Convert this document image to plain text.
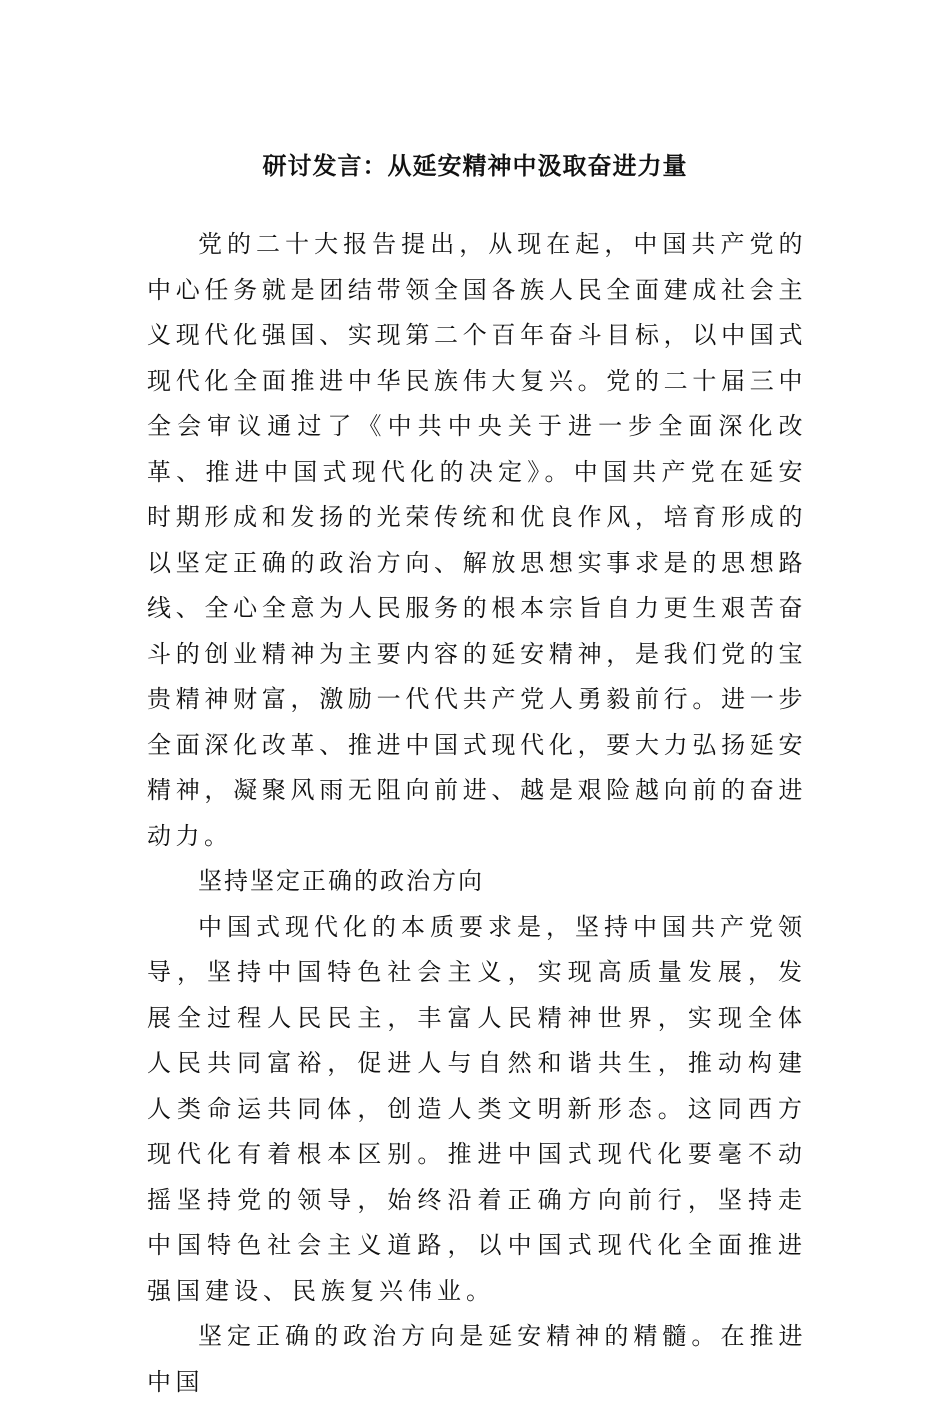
研讨发言：从延安精神中汲取奋进力量

党的二十大报告提出，从现在起，中国共产党的中心任务就是团结带领全国各族人民全面建成社会主义现代化强国、实现第二个百年奋斗目标，以中国式现代化全面推进中华民族伟大复兴。党的二十届三中全会审议通过了《中共中央关于进一步全面深化改革、推进中国式现代化的决定》。中国共产党在延安时期形成和发扬的光荣传统和优良作风，培育形成的以坚定正确的政治方向、解放思想实事求是的思想路线、全心全意为人民服务的根本宗旨自力更生艰苦奋斗的创业精神为主要内容的延安精神，是我们党的宝贵精神财富，激励一代代共产党人勇毅前行。进一步全面深化改革、推进中国式现代化，要大力弘扬延安精神，凝聚风雨无阻向前进、越是艰险越向前的奋进动力。

坚持坚定正确的政治方向

中国式现代化的本质要求是，坚持中国共产党领导，坚持中国特色社会主义，实现高质量发展，发展全过程人民民主，丰富人民精神世界，实现全体人民共同富裕，促进人与自然和谐共生，推动构建人类命运共同体，创造人类文明新形态。这同西方现代化有着根本区别。推进中国式现代化要毫不动摇坚持党的领导，始终沿着正确方向前行，坚持走中国特色社会主义道路，以中国式现代化全面推进强国建设、民族复兴伟业。

坚定正确的政治方向是延安精神的精髓。在推进中国
